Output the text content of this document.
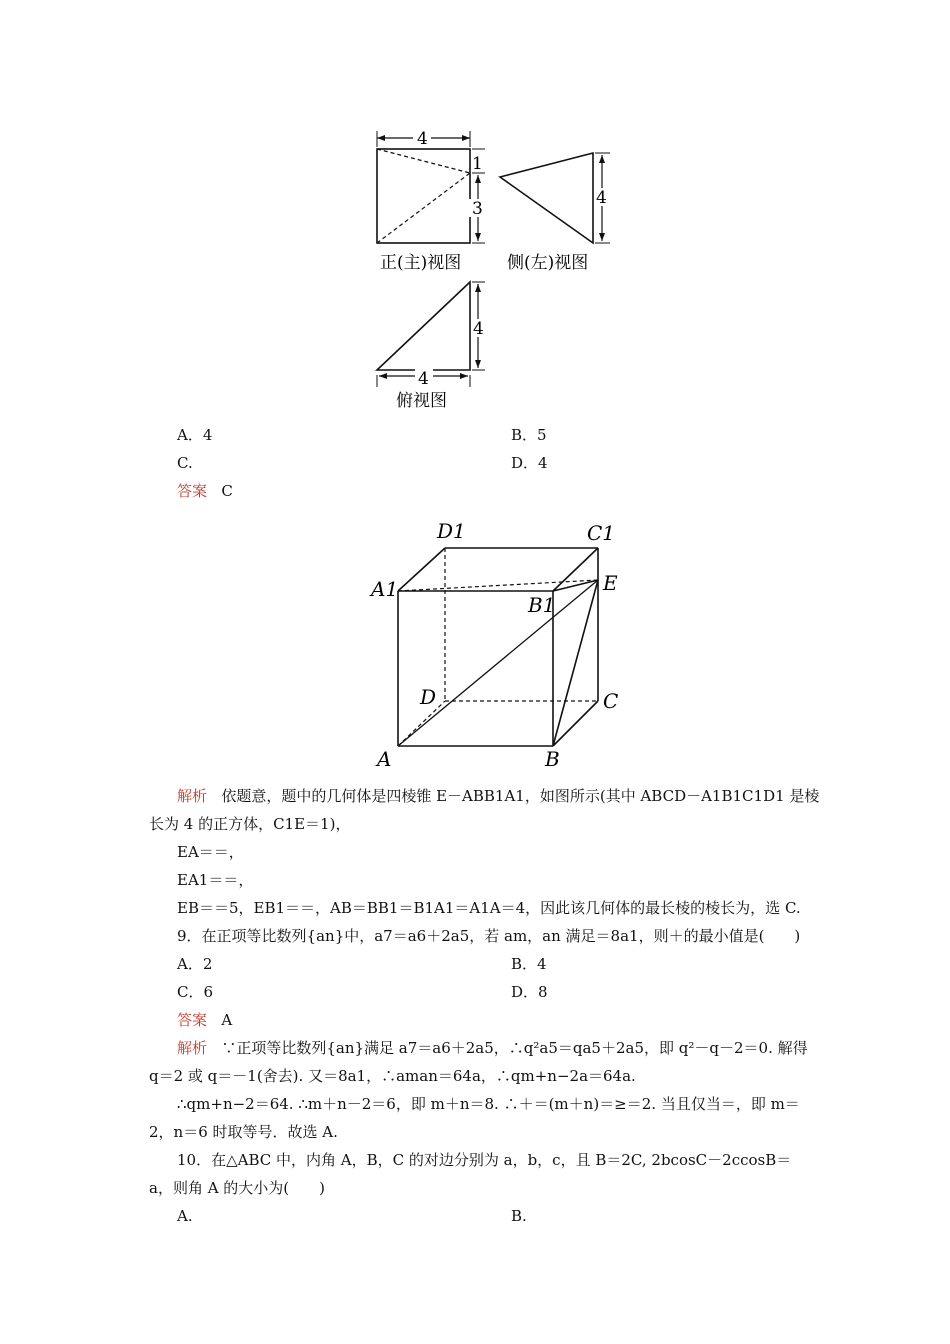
4
1
3
正(主)视图
4
侧(左)视图
4
4
俯视图
A．4	B．5
C.	D．4
答案 C
D1	C1
A1
B1
E
D	C
A	B
解析 依题意，题中的几何体是四棱锥 E－ABB1A1，如图所示(其中 ABCD－A1B1C1D1 是棱
长为 4 的正方体，C1E＝1)，
EA＝＝，
EA1＝＝，
EB＝＝5，EB1＝＝，AB＝BB1＝B1A1＝A1A＝4，因此该几何体的最长棱的棱长为，选 C.
9．在正项等比数列{an}中，a7＝a6＋2a5，若 am，an 满足＝8a1，则＋的最小值是(　　)
A．2	B．4
C．6	D．8
答案 A
解析 ∵正项等比数列{an}满足 a7＝a6＋2a5，∴q²a5＝qa5＋2a5，即 q²－q－2＝0. 解得
q＝2 或 q＝－1(舍去). 又＝8a1，∴aman＝64a，∴qm+n−2a＝64a.
∴qm+n−2＝64. ∴m＋n－2＝6，即 m＋n＝8. ∴＋＝(m＋n)＝≥＝2. 当且仅当＝，即 m＝
2，n＝6 时取等号．故选 A.
10．在△ABC 中，内角 A，B，C 的对边分别为 a，b，c，且 B＝2C, 2bcosC－2ccosB＝
a，则角 A 的大小为(　　)
A.	B.
